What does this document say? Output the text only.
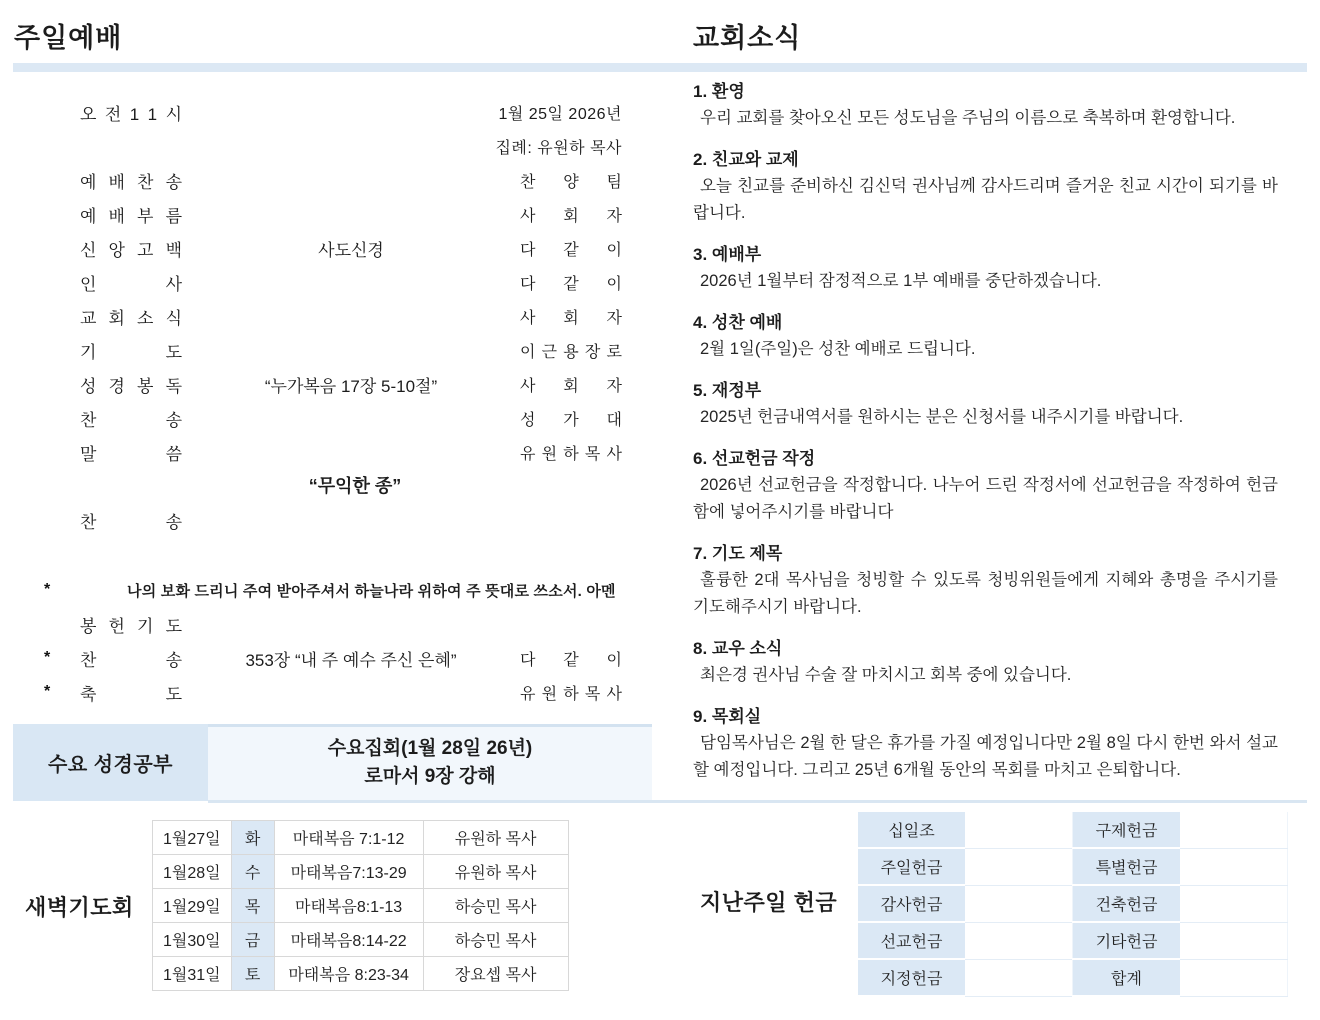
주일예배	교회소식
오 전 1 1 시	1월 25일 2026년
집례: 유원하 목사
예 배 찬 송	찬 양 팀
예 배 부 름	사 회 자
신 앙 고 백	사도신경	다 같 이
인 사	다 같 이
교 회 소 식	사 회 자
기 도	이 근 용 장 로
성 경 봉 독	“누가복음 17장 5-10절”	사 회 자
찬 송	성 가 대
말 씀	유 원 하 목 사
“무익한 종”
찬 송
*	나의 보화 드리니 주여 받아주셔서 하늘나라 위하여 주 뜻대로 쓰소서. 아멘
봉 헌 기 도
*	찬 송	353장 “내 주 예수 주신 은혜”	다 같 이
*	축 도	유 원 하 목 사
수요 성경공부
수요집회(1월 28일 26년)
로마서 9장 강해
새벽기도회
1월27일	화	마태복음 7:1-12	유원하 목사
1월28일	수	마태복음7:13-29	유원하 목사
1월29일	목	마태복음8:1-13	하승민 목사
1월30일	금	마태복음8:14-22	하승민 목사
1월31일	토	마태복음 8:23-34	장요셉 목사
1. 환영

우리 교회를 찾아오신 모든 성도님을 주님의 이름으로 축복하며 환영합니다.

2. 친교와 교제

오늘 친교를 준비하신 김신덕 권사님께 감사드리며 즐거운 친교 시간이 되기를 바랍니다.

3. 예배부

2026년 1월부터 잠정적으로 1부 예배를 중단하겠습니다.

4. 성찬 예배

2월 1일(주일)은 성찬 예배로 드립니다.

5. 재정부

2025년 헌금내역서를 원하시는 분은 신청서를 내주시기를 바랍니다.

6. 선교헌금 작정

2026년 선교헌금을 작정합니다. 나누어 드린 작정서에 선교헌금을 작정하여 헌금함에 넣어주시기를 바랍니다

7. 기도 제목

훌륭한 2대 목사님을 청빙할 수 있도록 청빙위원들에게 지혜와 총명을 주시기를 기도해주시기 바랍니다.

8. 교우 소식

최은경 권사님 수술 잘 마치시고 회복 중에 있습니다.

9. 목회실

담임목사님은 2월 한 달은 휴가를 가질 예정입니다만 2월 8일 다시 한번 와서 설교할 예정입니다. 그리고 25년 6개월 동안의 목회를 마치고 은퇴합니다.

지난주일 헌금
십일조		구제헌금	
주일헌금		특별헌금	
감사헌금		건축헌금	
선교헌금		기타헌금	
지정헌금		합계	
